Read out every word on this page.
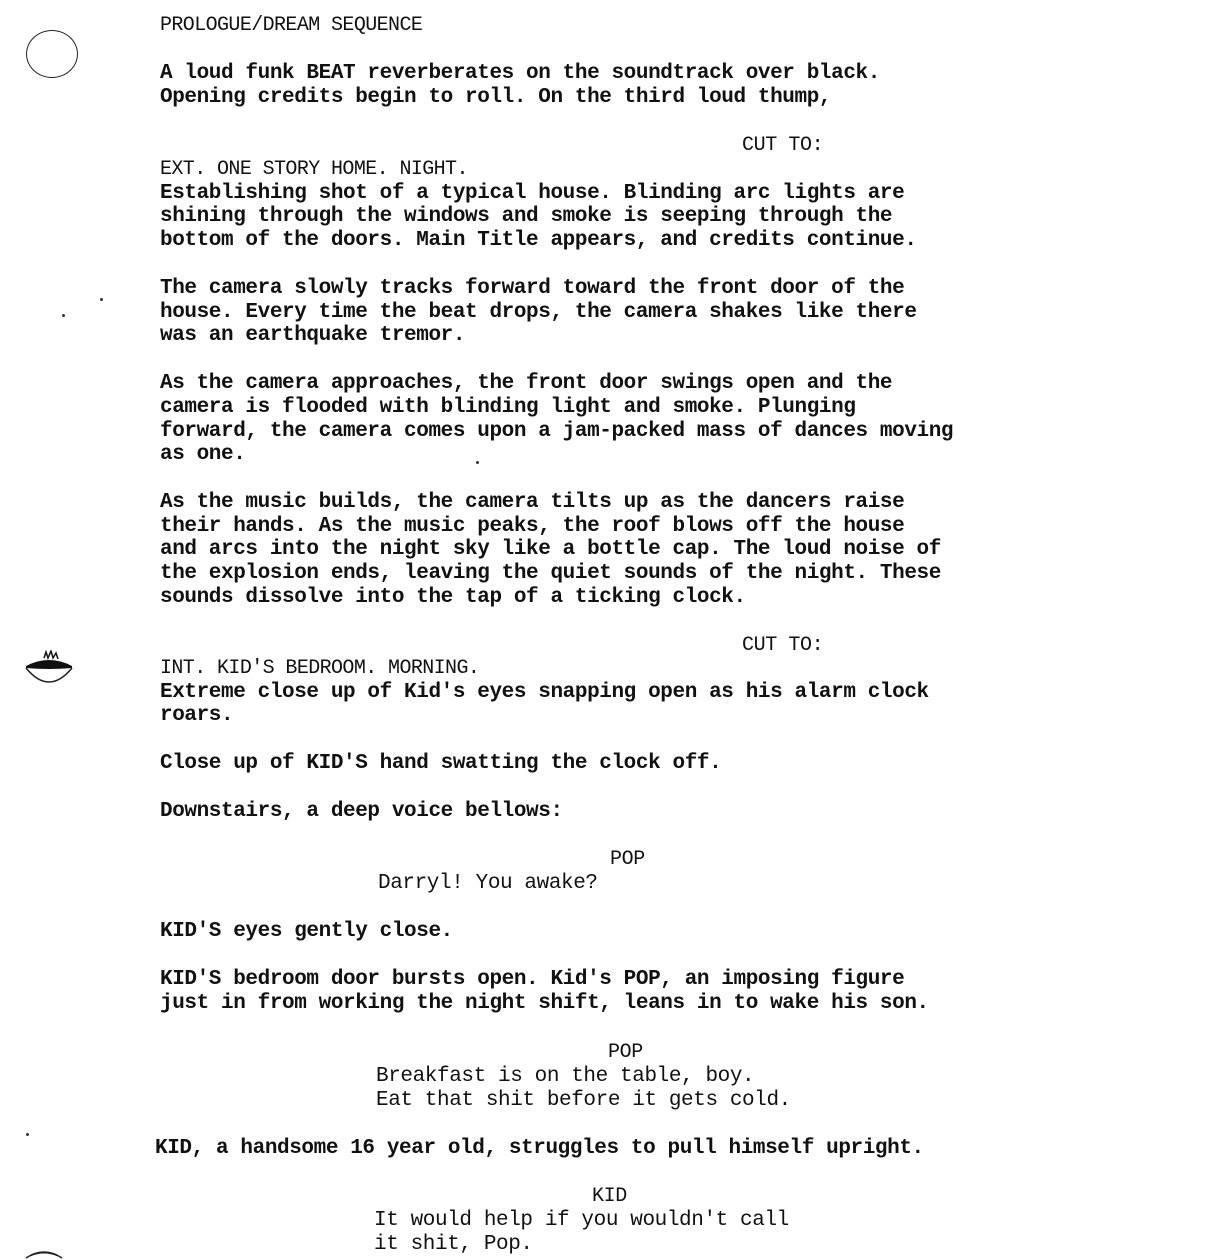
PROLOGUE/DREAM SEQUENCE
A loud funk BEAT reverberates on the soundtrack over black.
Opening credits begin to roll. On the third loud thump,
CUT TO:
EXT. ONE STORY HOME. NIGHT.
Establishing shot of a typical house. Blinding arc lights are
shining through the windows and smoke is seeping through the
bottom of the doors. Main Title appears, and credits continue.
The camera slowly tracks forward toward the front door of the
house. Every time the beat drops, the camera shakes like there
was an earthquake tremor.
As the camera approaches, the front door swings open and the
camera is flooded with blinding light and smoke. Plunging
forward, the camera comes upon a jam-packed mass of dances moving
as one.
As the music builds, the camera tilts up as the dancers raise
their hands. As the music peaks, the roof blows off the house
and arcs into the night sky like a bottle cap. The loud noise of
the explosion ends, leaving the quiet sounds of the night. These
sounds dissolve into the tap of a ticking clock.
CUT TO:
INT. KID'S BEDROOM. MORNING.
Extreme close up of Kid's eyes snapping open as his alarm clock
roars.
Close up of KID'S hand swatting the clock off.
Downstairs, a deep voice bellows:
POP
Darryl! You awake?
KID'S eyes gently close.
KID'S bedroom door bursts open. Kid's POP, an imposing figure
just in from working the night shift, leans in to wake his son.
POP
Breakfast is on the table, boy.
Eat that shit before it gets cold.
KID, a handsome 16 year old, struggles to pull himself upright.
KID
It would help if you wouldn't call
it shit, Pop.
